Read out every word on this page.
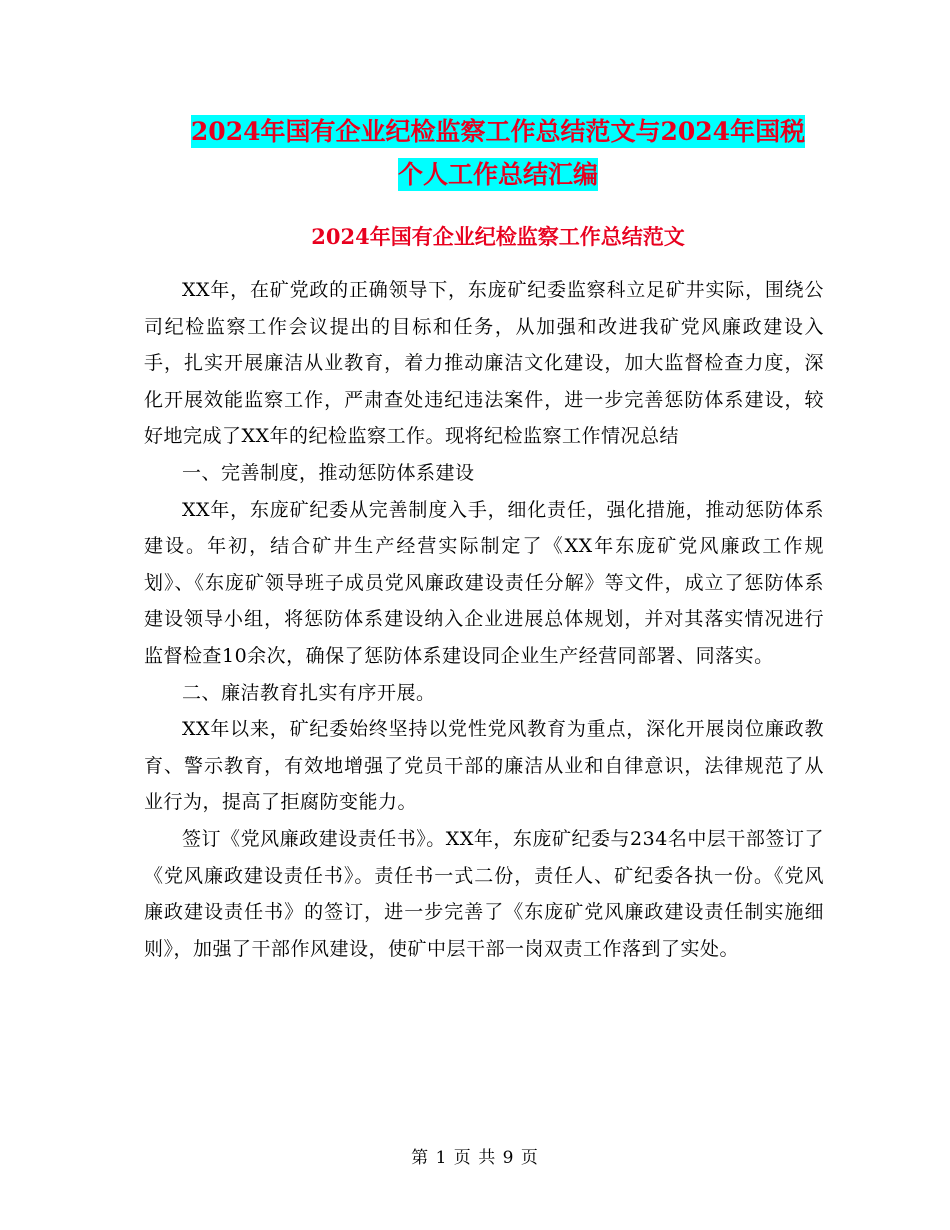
2024年国有企业纪检监察工作总结范文与2024年国税
个人工作总结汇编
2024年国有企业纪检监察工作总结范文

XX年，在矿党政的正确领导下，东庞矿纪委监察科立足矿井实际，围绕公司纪检监察工作会议提出的目标和任务，从加强和改进我矿党风廉政建设入手，扎实开展廉洁从业教育，着力推动廉洁文化建设，加大监督检查力度，深化开展效能监察工作，严肃查处违纪违法案件，进一步完善惩防体系建设，较好地完成了XX年的纪检监察工作。现将纪检监察工作情况总结

一、完善制度，推动惩防体系建设

XX年，东庞矿纪委从完善制度入手，细化责任，强化措施，推动惩防体系建设。年初，结合矿井生产经营实际制定了《XX年东庞矿党风廉政工作规划》、《东庞矿领导班子成员党风廉政建设责任分解》等文件，成立了惩防体系建设领导小组，将惩防体系建设纳入企业进展总体规划，并对其落实情况进行监督检查10余次，确保了惩防体系建设同企业生产经营同部署、同落实。

二、廉洁教育扎实有序开展。

XX年以来，矿纪委始终坚持以党性党风教育为重点，深化开展岗位廉政教育、警示教育，有效地增强了党员干部的廉洁从业和自律意识，法律规范了从业行为，提高了拒腐防变能力。

签订《党风廉政建设责任书》。XX年，东庞矿纪委与234名中层干部签订了《党风廉政建设责任书》。责任书一式二份，责任人、矿纪委各执一份。《党风廉政建设责任书》的签订，进一步完善了《东庞矿党风廉政建设责任制实施细则》，加强了干部作风建设，使矿中层干部一岗双责工作落到了实处。

第 1 页 共 9 页
